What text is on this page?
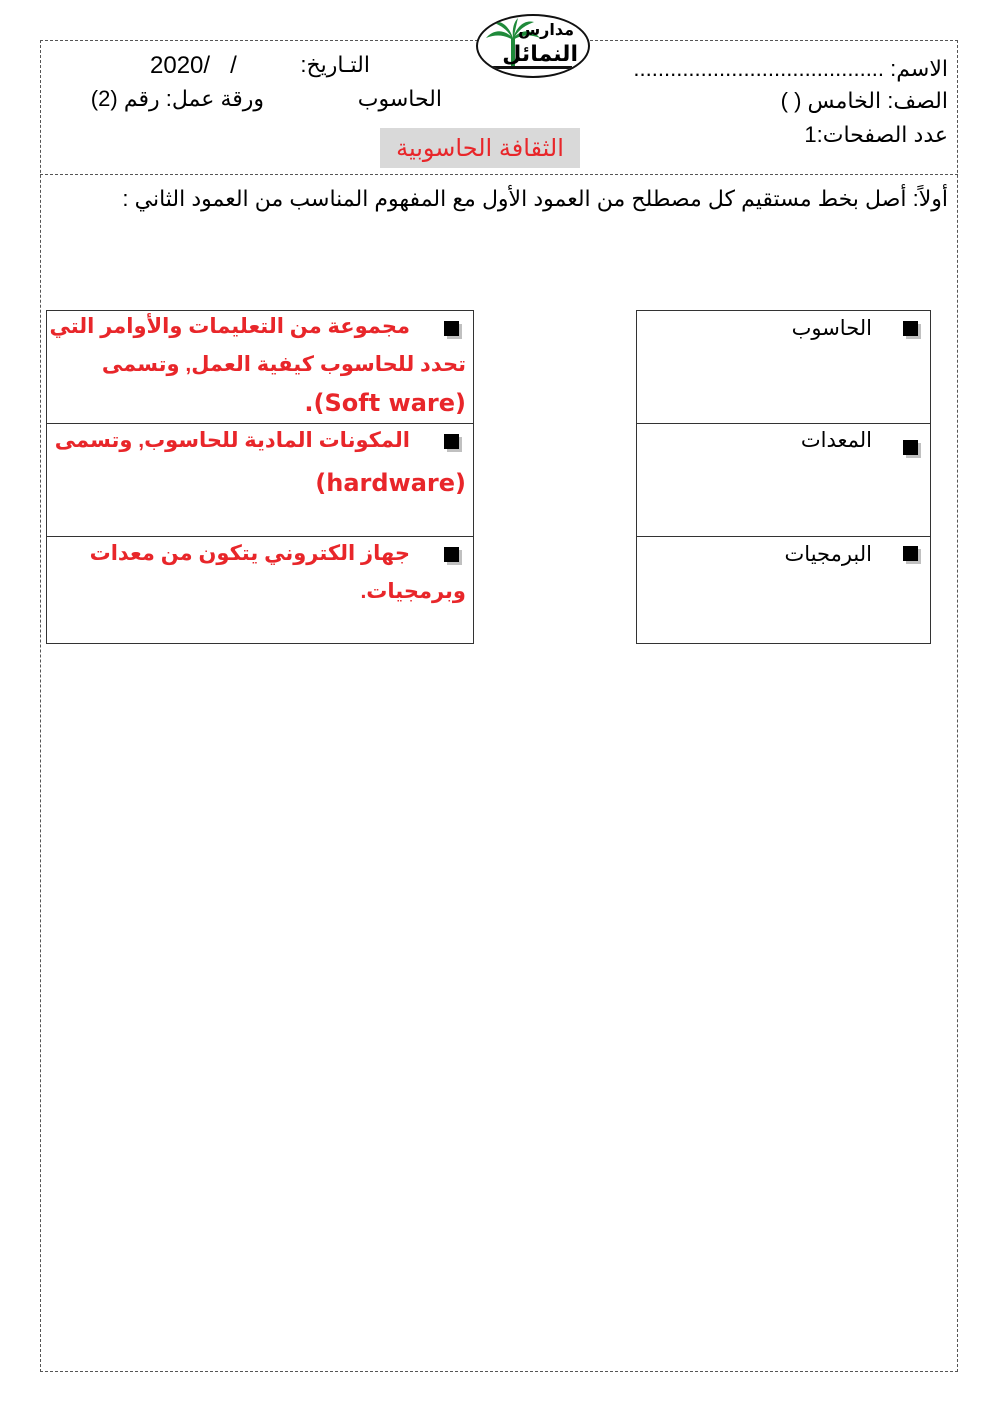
مدارس
النمائل
الاسم: .........................................
التـاريخ:
2020/   /
الصف: الخامس ( )
الحاسوب
ورقة عمل: رقم (2)
عدد الصفحات:1
الثقافة الحاسوبية
أولاً: أصل بخط مستقيم كل مصطلح من العمود الأول مع المفهوم المناسب من العمود الثاني :
الحاسوب
المعدات
البرمجيات
مجموعة من التعليمات والأوامر التي
تحدد للحاسوب كيفية العمل, وتسمى
(Soft ware).
المكونات المادية للحاسوب, وتسمى
(hardware)
جهاز الكتروني يتكون من معدات
وبرمجيات.
